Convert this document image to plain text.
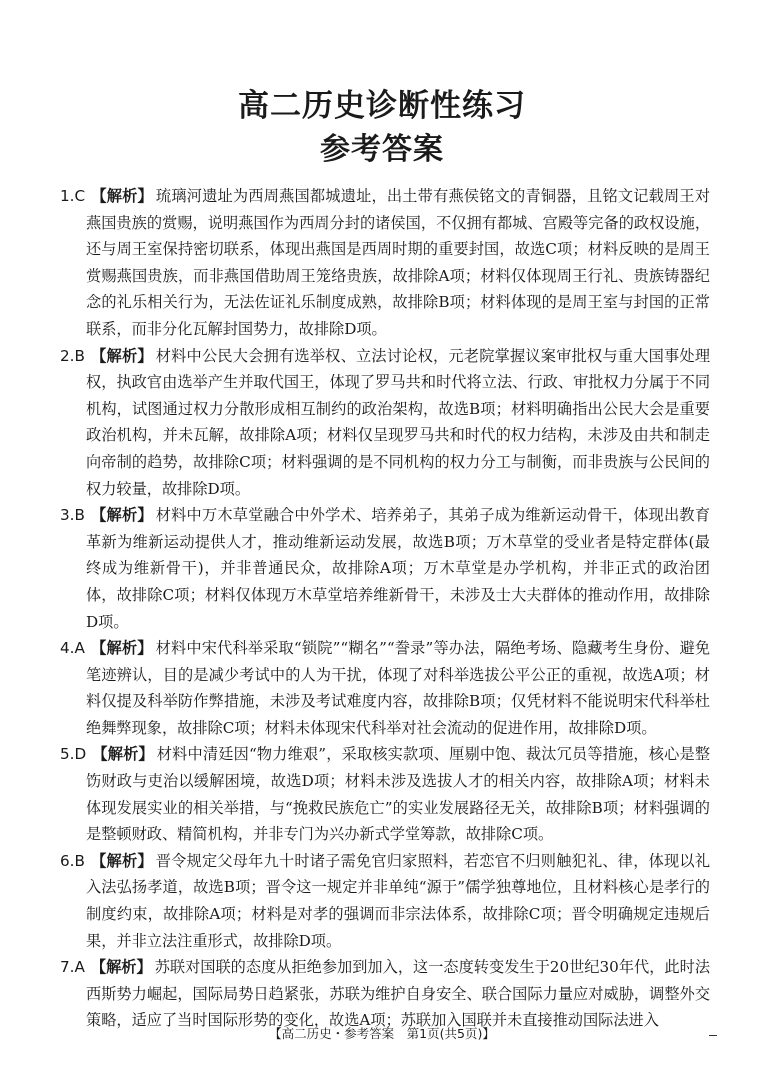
高二历史诊断性练习
参考答案

1.C 【解析】 琉璃河遗址为西周燕国都城遗址，出土带有燕侯铭文的青铜器，且铭文记载周王对燕国贵族的赏赐，说明燕国作为西周分封的诸侯国，不仅拥有都城、宫殿等完备的政权设施，还与周王室保持密切联系，体现出燕国是西周时期的重要封国，故选C项；材料反映的是周王赏赐燕国贵族，而非燕国借助周王笼络贵族，故排除A项；材料仅体现周王行礼、贵族铸器纪念的礼乐相关行为，无法佐证礼乐制度成熟，故排除B项；材料体现的是周王室与封国的正常联系，而非分化瓦解封国势力，故排除D项。

2.B 【解析】 材料中公民大会拥有选举权、立法讨论权，元老院掌握议案审批权与重大国事处理权，执政官由选举产生并取代国王，体现了罗马共和时代将立法、行政、审批权力分属于不同机构，试图通过权力分散形成相互制约的政治架构，故选B项；材料明确指出公民大会是重要政治机构，并未瓦解，故排除A项；材料仅呈现罗马共和时代的权力结构，未涉及由共和制走向帝制的趋势，故排除C项；材料强调的是不同机构的权力分工与制衡，而非贵族与公民间的权力较量，故排除D项。

3.B 【解析】 材料中万木草堂融合中外学术、培养弟子，其弟子成为维新运动骨干，体现出教育革新为维新运动提供人才，推动维新运动发展，故选B项；万木草堂的受业者是特定群体(最终成为维新骨干)，并非普通民众，故排除A项；万木草堂是办学机构，并非正式的政治团体，故排除C项；材料仅体现万木草堂培养维新骨干，未涉及士大夫群体的推动作用，故排除D项。

4.A 【解析】 材料中宋代科举采取“锁院”“糊名”“誊录”等办法，隔绝考场、隐藏考生身份、避免笔迹辨认，目的是减少考试中的人为干扰，体现了对科举选拔公平公正的重视，故选A项；材料仅提及科举防作弊措施，未涉及考试难度内容，故排除B项；仅凭材料不能说明宋代科举杜绝舞弊现象，故排除C项；材料未体现宋代科举对社会流动的促进作用，故排除D项。

5.D 【解析】 材料中清廷因“物力维艰”，采取核实款项、厘剔中饱、裁汰冗员等措施，核心是整饬财政与吏治以缓解困境，故选D项；材料未涉及选拔人才的相关内容，故排除A项；材料未体现发展实业的相关举措，与“挽救民族危亡”的实业发展路径无关，故排除B项；材料强调的是整顿财政、精简机构，并非专门为兴办新式学堂筹款，故排除C项。

6.B 【解析】 晋令规定父母年九十时诸子需免官归家照料，若恋官不归则触犯礼、律，体现以礼入法弘扬孝道，故选B项；晋令这一规定并非单纯“源于”儒学独尊地位，且材料核心是孝行的制度约束，故排除A项；材料是对孝的强调而非宗法体系，故排除C项；晋令明确规定违规后果，并非立法注重形式，故排除D项。

7.A 【解析】 苏联对国联的态度从拒绝参加到加入，这一态度转变发生于20世纪30年代，此时法西斯势力崛起，国际局势日趋紧张，苏联为维护自身安全、联合国际力量应对威胁，调整外交策略，适应了当时国际形势的变化，故选A项；苏联加入国联并未直接推动国际法进入

【高二历史・参考答案　第1页(共5页)】
